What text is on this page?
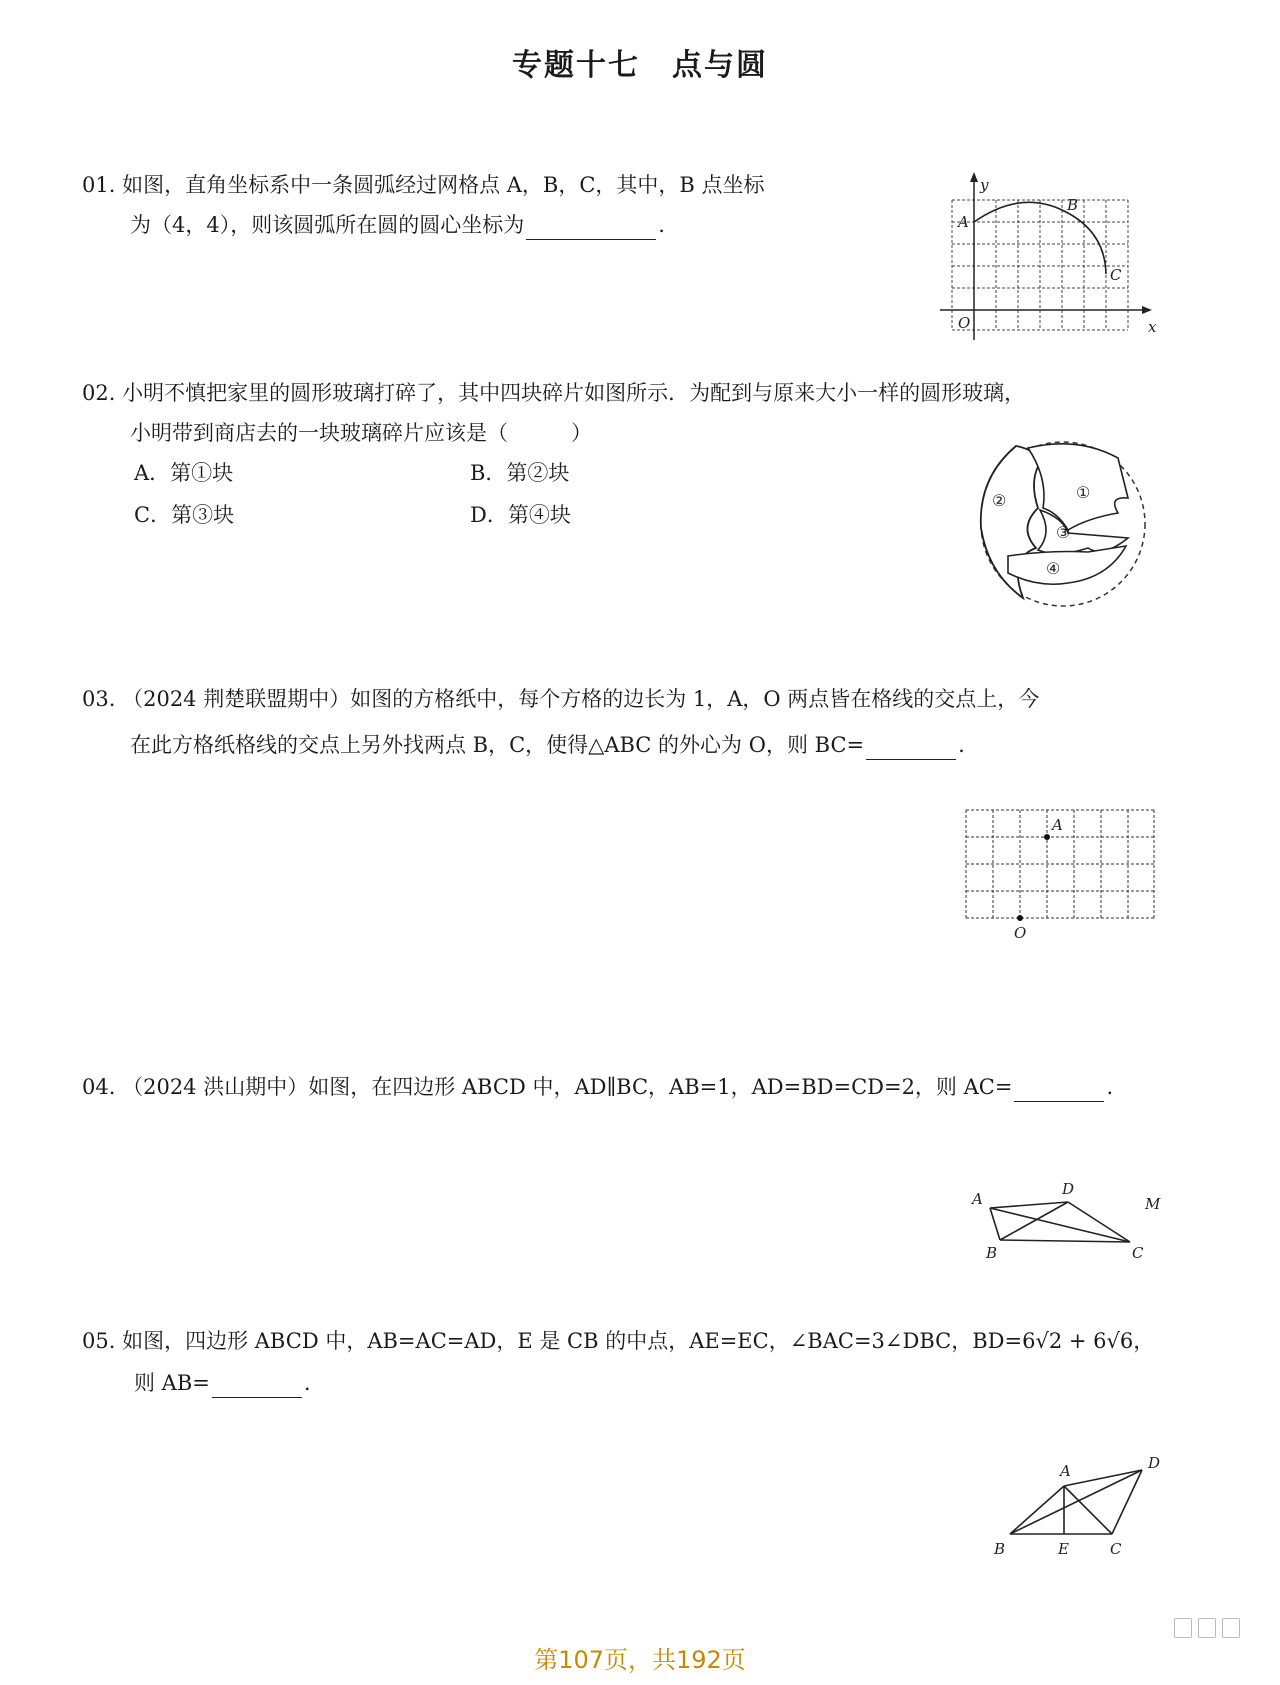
专题十七　点与圆
01. 如图，直角坐标系中一条圆弧经过网格点 A，B，C，其中，B 点坐标
为（4，4），则该圆弧所在圆的圆心坐标为	.
y
x
O
A
B
C
02. 小明不慎把家里的圆形玻璃打碎了，其中四块碎片如图所示．为配到与原来大小一样的圆形玻璃，
小明带到商店去的一块玻璃碎片应该是（　　　）
A．第①块	B．第②块
C．第③块	D．第④块
①
②
③
④
03. （2024 荆楚联盟期中）如图的方格纸中，每个方格的边长为 1，A，O 两点皆在格线的交点上，今
在此方格纸格线的交点上另外找两点 B，C，使得△ABC 的外心为 O，则 BC=	.
A
O
04. （2024 洪山期中）如图，在四边形 ABCD 中，AD∥BC，AB=1，AD=BD=CD=2，则 AC=	.
A
D
M
B	C
05. 如图，四边形 ABCD 中，AB=AC=AD，E 是 CB 的中点，AE=EC，∠BAC=3∠DBC，BD=6√2 + 6√6，
则 AB=	.
A	D
B	E	C
第107页，共192页
